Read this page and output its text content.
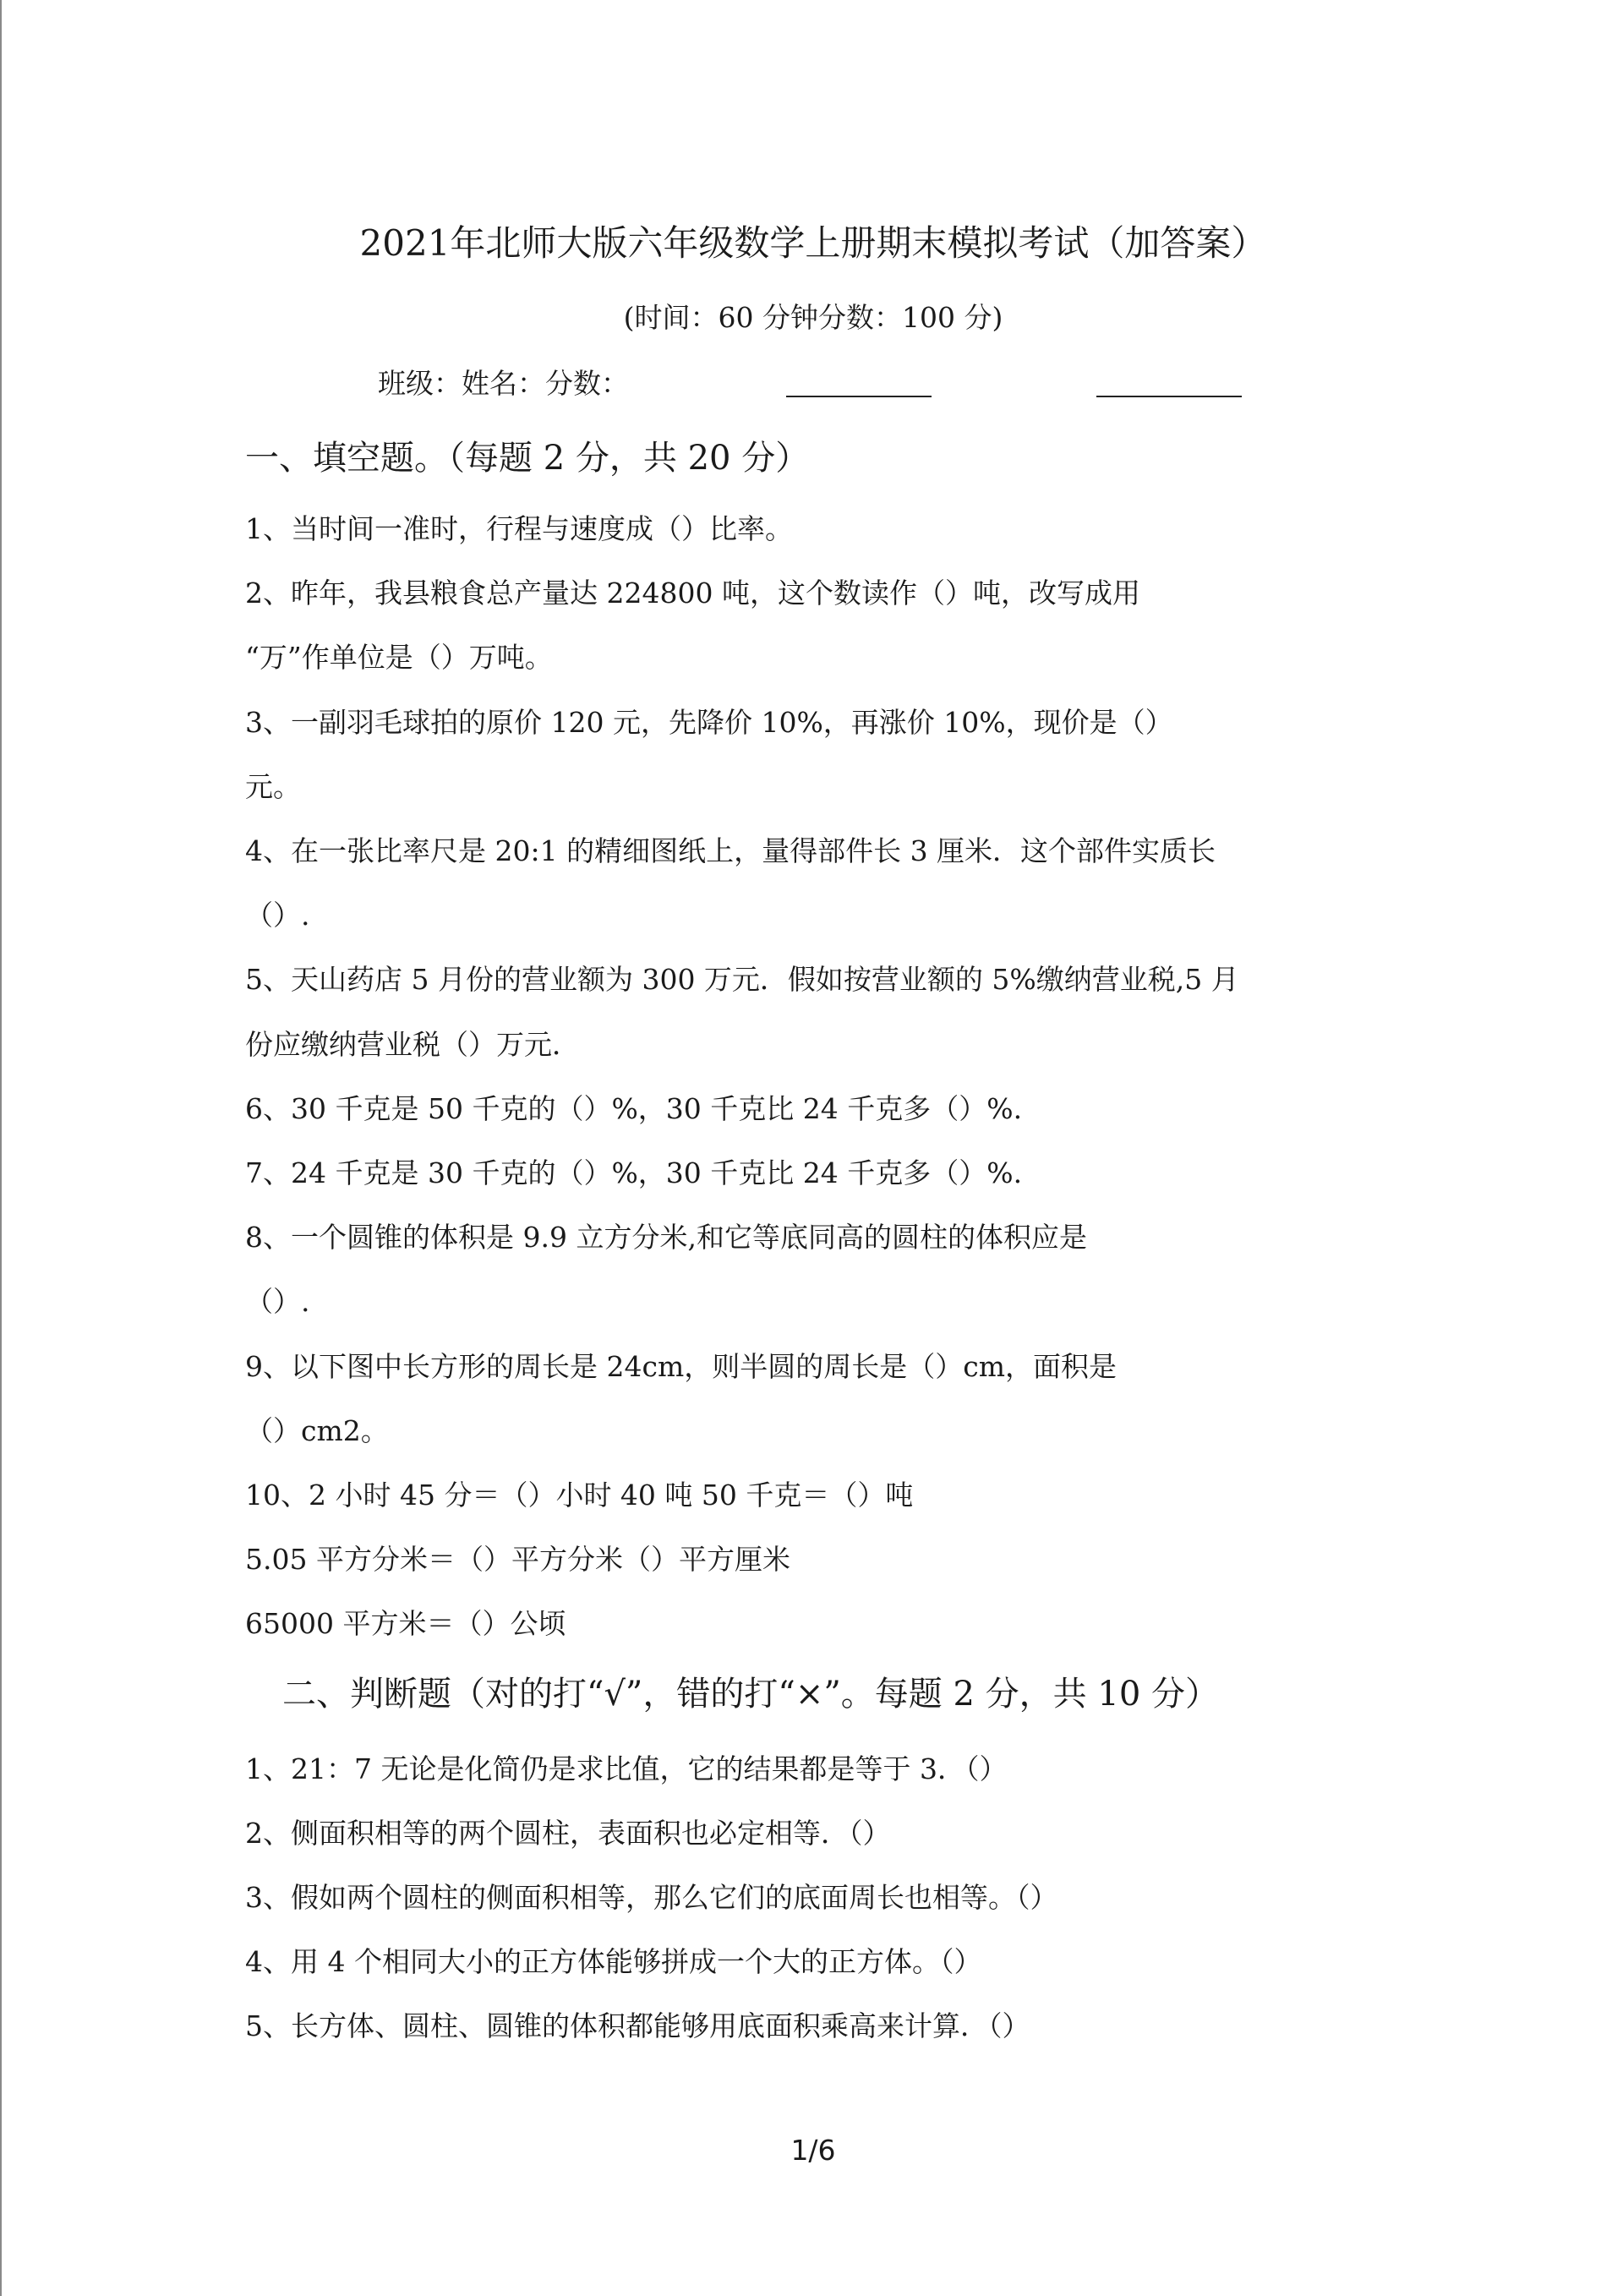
2021年北师大版六年级数学上册期末模拟考试（加答案）
(时间：60 分钟分数：100 分)
班级：姓名：分数：
一、填空题。（每题 2 分，共 20 分）
1、当时间一准时，行程与速度成（）比率。
2、昨年，我县粮食总产量达 224800 吨，这个数读作（）吨，改写成用
“万”作单位是（）万吨。
3、一副羽毛球拍的原价 120 元，先降价 10%，再涨价 10%，现价是（）
元。
4、在一张比率尺是 20:1 的精细图纸上，量得部件长 3 厘米．这个部件实质长
（）.
5、天山药店 5 月份的营业额为 300 万元．假如按营业额的 5%缴纳营业税,5 月
份应缴纳营业税（）万元．
6、30 千克是 50 千克的（）%，30 千克比 24 千克多（）%.
7、24 千克是 30 千克的（）%，30 千克比 24 千克多（）%.
8、一个圆锥的体积是 9.9 立方分米,和它等底同高的圆柱的体积应是
（）.
9、以下图中长方形的周长是 24cm，则半圆的周长是（）cm，面积是
（）cm2。
10、2 小时 45 分＝（）小时 40 吨 50 千克＝（）吨
5.05 平方分米＝（）平方分米（）平方厘米
65000 平方米＝（）公顷
二、判断题（对的打“√”，错的打“×”。每题 2 分，共 10 分）
1、21：7 无论是化简仍是求比值，它的结果都是等于 3．（）
2、侧面积相等的两个圆柱，表面积也必定相等．（）
3、假如两个圆柱的侧面积相等，那么它们的底面周长也相等。（）
4、用 4 个相同大小的正方体能够拼成一个大的正方体。（）
5、长方体、圆柱、圆锥的体积都能够用底面积乘高来计算．（）
1/6
